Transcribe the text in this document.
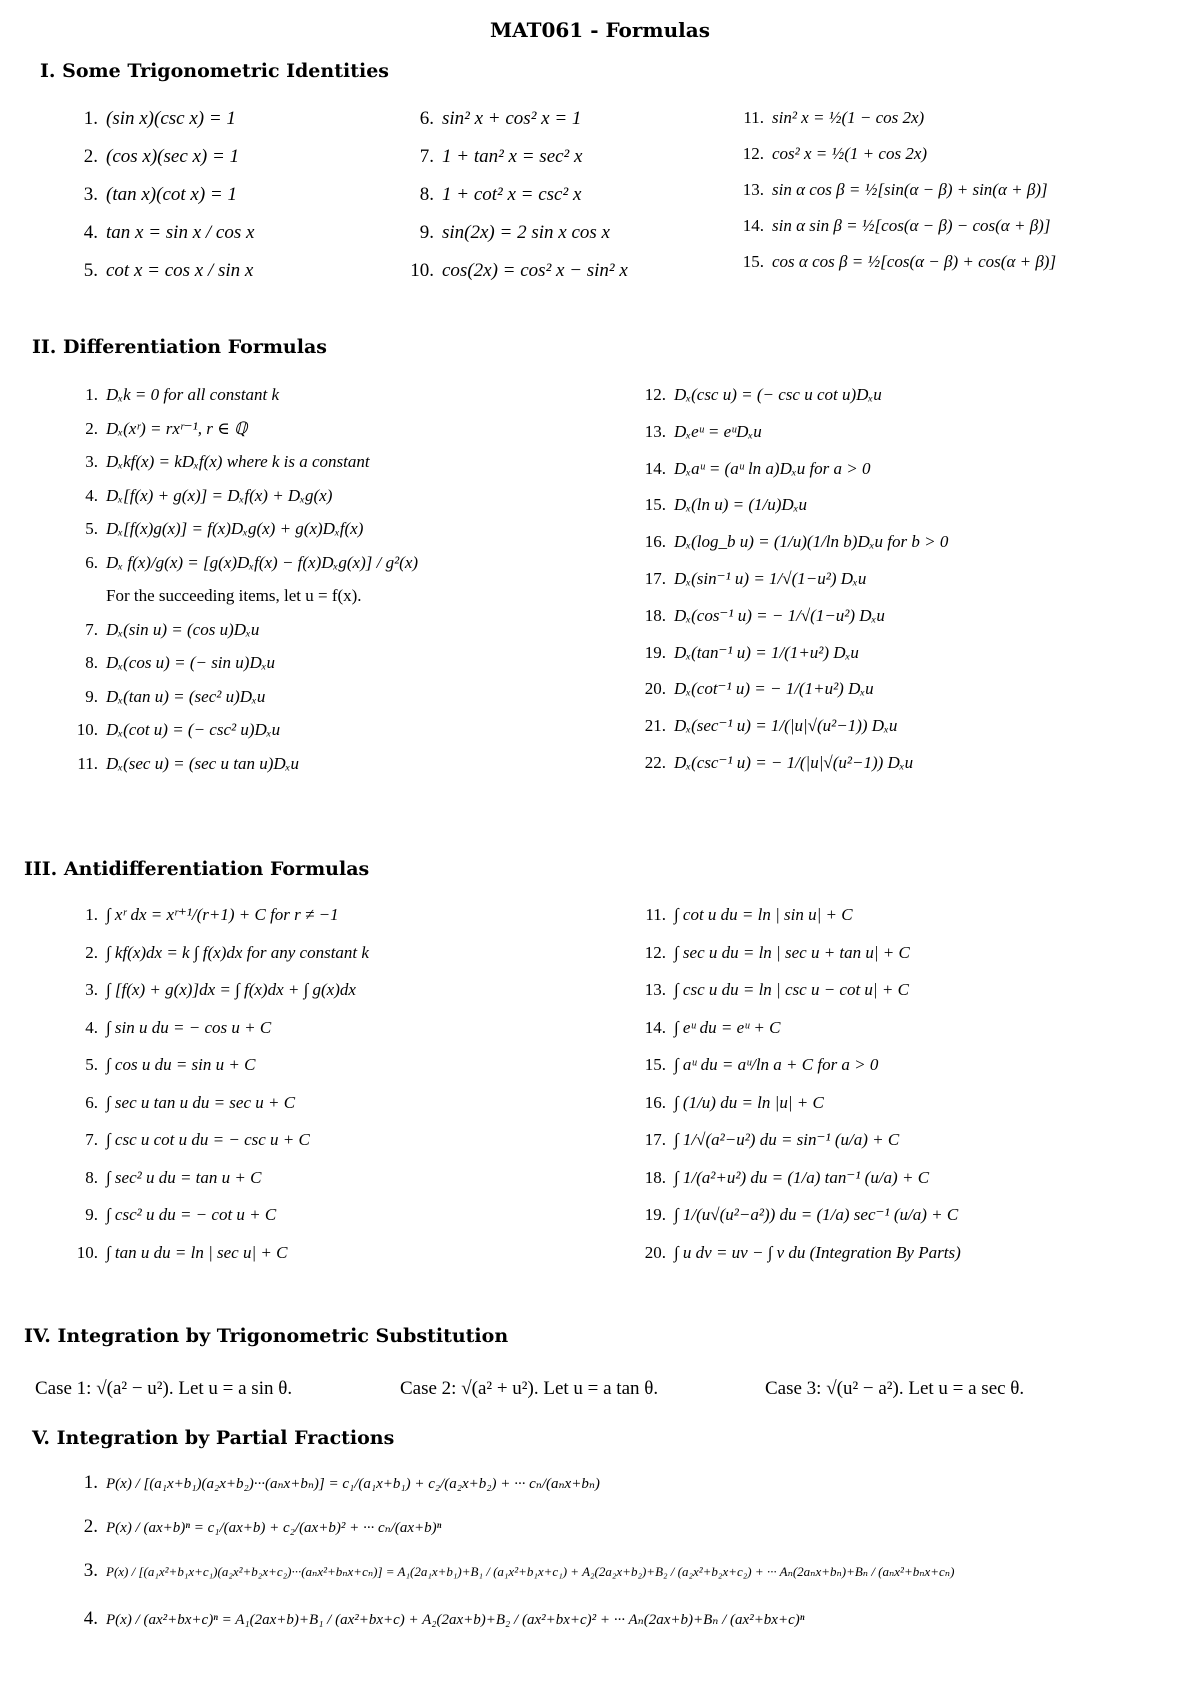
MAT061 - Formulas
I. Some Trigonometric Identities
1. (sin x)(csc x) = 1
2. (cos x)(sec x) = 1
3. (tan x)(cot x) = 1
4. tan x = sin x / cos x
5. cot x = cos x / sin x
6. sin² x + cos² x = 1
7. 1 + tan² x = sec² x
8. 1 + cot² x = csc² x
9. sin(2x) = 2 sin x cos x
10. cos(2x) = cos² x − sin² x
11. sin² x = ½(1 − cos 2x)
12. cos² x = ½(1 + cos 2x)
13. sin α cos β = ½[sin(α − β) + sin(α + β)]
14. sin α sin β = ½[cos(α − β) − cos(α + β)]
15. cos α cos β = ½[cos(α − β) + cos(α + β)]
II. Differentiation Formulas
1. Dₓk = 0 for all constant k
2. Dₓ(xʳ) = rxʳ⁻¹, r ∈ ℚ
3. Dₓkf(x) = kDₓf(x) where k is a constant
4. Dₓ[f(x) + g(x)] = Dₓf(x) + Dₓg(x)
5. Dₓ[f(x)g(x)] = f(x)Dₓg(x) + g(x)Dₓf(x)
6. Dₓ f(x)/g(x) = [g(x)Dₓf(x) − f(x)Dₓg(x)] / g²(x)
For the succeeding items, let u = f(x).
7. Dₓ(sin u) = (cos u)Dₓu
8. Dₓ(cos u) = (− sin u)Dₓu
9. Dₓ(tan u) = (sec² u)Dₓu
10. Dₓ(cot u) = (− csc² u)Dₓu
11. Dₓ(sec u) = (sec u tan u)Dₓu
12. Dₓ(csc u) = (− csc u cot u)Dₓu
13. Dₓeᵘ = eᵘDₓu
14. Dₓaᵘ = (aᵘ ln a)Dₓu for a > 0
15. Dₓ(ln u) = (1/u)Dₓu
16. Dₓ(log_b u) = (1/u)(1/ln b)Dₓu for b > 0
17. Dₓ(sin⁻¹ u) = 1/√(1−u²) Dₓu
18. Dₓ(cos⁻¹ u) = − 1/√(1−u²) Dₓu
19. Dₓ(tan⁻¹ u) = 1/(1+u²) Dₓu
20. Dₓ(cot⁻¹ u) = − 1/(1+u²) Dₓu
21. Dₓ(sec⁻¹ u) = 1/(|u|√(u²−1)) Dₓu
22. Dₓ(csc⁻¹ u) = − 1/(|u|√(u²−1)) Dₓu
III. Antidifferentiation Formulas
1. ∫ xʳ dx = xʳ⁺¹/(r+1) + C for r ≠ −1
2. ∫ kf(x)dx = k ∫ f(x)dx for any constant k
3. ∫ [f(x) + g(x)]dx = ∫ f(x)dx + ∫ g(x)dx
4. ∫ sin u du = − cos u + C
5. ∫ cos u du = sin u + C
6. ∫ sec u tan u du = sec u + C
7. ∫ csc u cot u du = − csc u + C
8. ∫ sec² u du = tan u + C
9. ∫ csc² u du = − cot u + C
10. ∫ tan u du = ln | sec u| + C
11. ∫ cot u du = ln | sin u| + C
12. ∫ sec u du = ln | sec u + tan u| + C
13. ∫ csc u du = ln | csc u − cot u| + C
14. ∫ eᵘ du = eᵘ + C
15. ∫ aᵘ du = aᵘ/ln a + C for a > 0
16. ∫ (1/u) du = ln |u| + C
17. ∫ 1/√(a²−u²) du = sin⁻¹ (u/a) + C
18. ∫ 1/(a²+u²) du = (1/a) tan⁻¹ (u/a) + C
19. ∫ 1/(u√(u²−a²)) du = (1/a) sec⁻¹ (u/a) + C
20. ∫ u dv = uv − ∫ v du (Integration By Parts)
IV. Integration by Trigonometric Substitution
Case 1: √(a² − u²). Let u = a sin θ.	Case 2: √(a² + u²). Let u = a tan θ.	Case 3: √(u² − a²). Let u = a sec θ.
V. Integration by Partial Fractions
1. P(x) / [(a₁x+b₁)(a₂x+b₂)···(aₙx+bₙ)] = c₁/(a₁x+b₁) + c₂/(a₂x+b₂) + ··· cₙ/(aₙx+bₙ)
2. P(x) / (ax+b)ⁿ = c₁/(ax+b) + c₂/(ax+b)² + ··· cₙ/(ax+b)ⁿ
3. P(x) / [(a₁x²+b₁x+c₁)(a₂x²+b₂x+c₂)···(aₙx²+bₙx+cₙ)] = A₁(2a₁x+b₁)+B₁ / (a₁x²+b₁x+c₁) + A₂(2a₂x+b₂)+B₂ / (a₂x²+b₂x+c₂) + ··· Aₙ(2aₙx+bₙ)+Bₙ / (aₙx²+bₙx+cₙ)
4. P(x) / (ax²+bx+c)ⁿ = A₁(2ax+b)+B₁ / (ax²+bx+c) + A₂(2ax+b)+B₂ / (ax²+bx+c)² + ··· Aₙ(2ax+b)+Bₙ / (ax²+bx+c)ⁿ
